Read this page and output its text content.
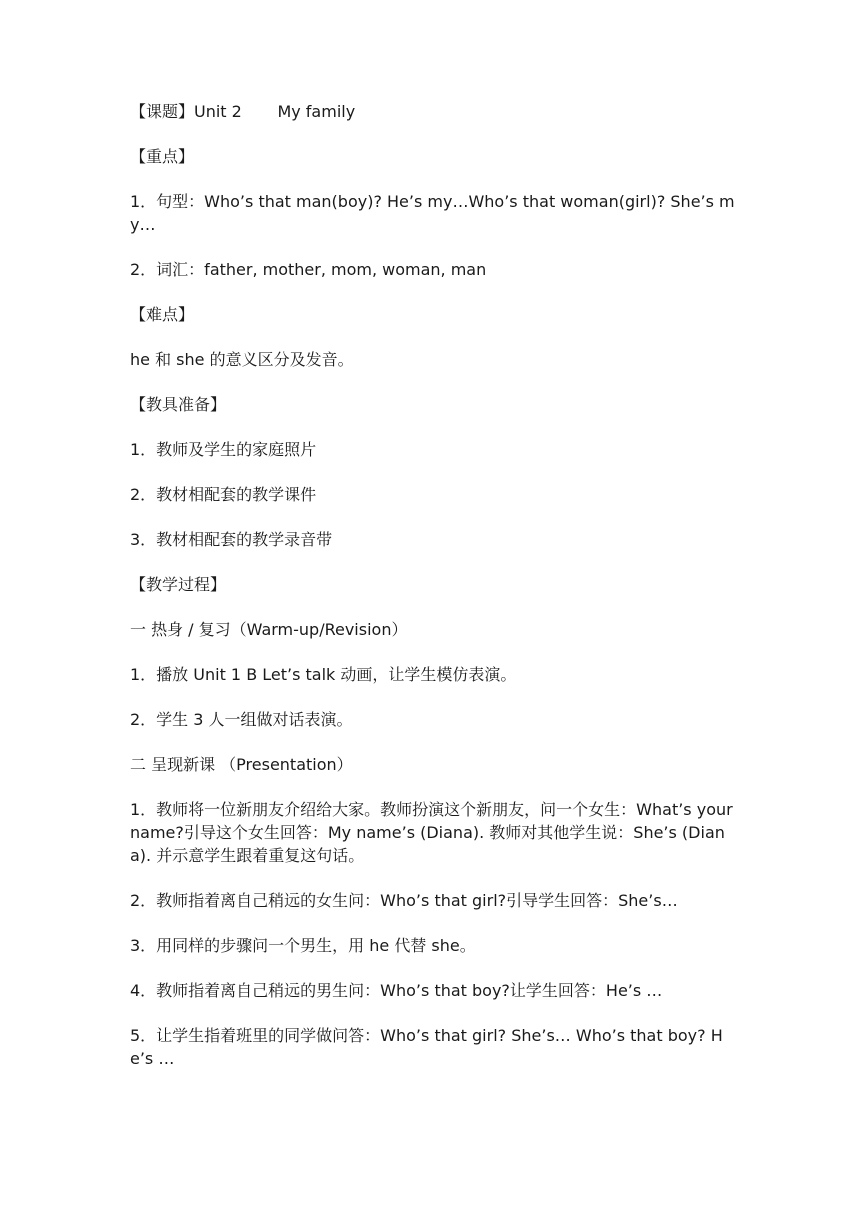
【课题】Unit 2       My family

【重点】

1．句型：Who’s that man(boy)? He’s my…Who’s that woman(girl)? She’s my…

2．词汇：father, mother, mom, woman, man

【难点】

he 和 she 的意义区分及发音。

【教具准备】

1．教师及学生的家庭照片

2．教材相配套的教学课件

3．教材相配套的教学录音带

【教学过程】

一 热身 / 复习（Warm-up/Revision）

1．播放 Unit 1 B Let’s talk 动画，让学生模仿表演。

2．学生 3 人一组做对话表演。

二 呈现新课 （Presentation）

1．教师将一位新朋友介绍给大家。教师扮演这个新朋友，问一个女生：What’s your name?引导这个女生回答：My name’s (Diana). 教师对其他学生说：She’s (Diana). 并示意学生跟着重复这句话。

2．教师指着离自己稍远的女生问：Who’s that girl?引导学生回答：She’s…

3．用同样的步骤问一个男生，用 he 代替 she。

4．教师指着离自己稍远的男生问：Who’s that boy?让学生回答：He’s …

5．让学生指着班里的同学做问答：Who’s that girl? She’s… Who’s that boy? He’s …
